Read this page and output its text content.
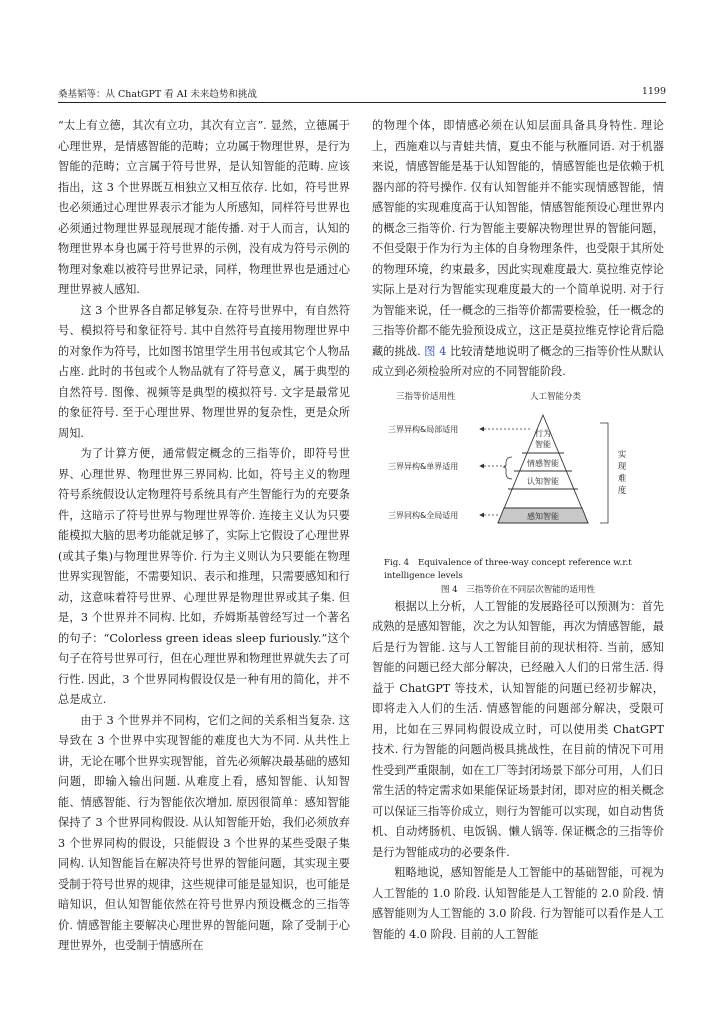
桑基韬等：从 ChatGPT 看 AI 未来趋势和挑战	1199

“太上有立德，其次有立功，其次有立言”. 显然，立德属于心理世界，是情感智能的范畴；立功属于物理世界，是行为智能的范畴；立言属于符号世界，是认知智能的范畴. 应该指出，这 3 个世界既互相独立又相互依存. 比如，符号世界也必须通过心理世界表示才能为人所感知，同样符号世界也必须通过物理世界显现展现才能传播. 对于人而言，认知的物理世界本身也属于符号世界的示例，没有成为符号示例的物理对象难以被符号世界记录，同样，物理世界也是通过心理世界被人感知.

这 3 个世界各自都足够复杂. 在符号世界中，有自然符号、模拟符号和象征符号. 其中自然符号直接用物理世界中的对象作为符号，比如图书馆里学生用书包或其它个人物品占座. 此时的书包或个人物品就有了符号意义，属于典型的自然符号. 图像、视频等是典型的模拟符号. 文字是最常见的象征符号. 至于心理世界、物理世界的复杂性，更是众所周知.

为了计算方便，通常假定概念的三指等价，即符号世界、心理世界、物理世界三界同构. 比如，符号主义的物理符号系统假设认定物理符号系统具有产生智能行为的充要条件，这暗示了符号世界与物理世界等价. 连接主义认为只要能模拟大脑的思考功能就足够了，实际上它假设了心理世界(或其子集)与物理世界等价. 行为主义则认为只要能在物理世界实现智能，不需要知识、表示和推理，只需要感知和行动，这意味着符号世界、心理世界是物理世界或其子集. 但是，3 个世界并不同构. 比如，乔姆斯基曾经写过一个著名的句子：“Colorless green ideas sleep furiously.”这个句子在符号世界可行，但在心理世界和物理世界就失去了可行性. 因此，3 个世界同构假设仅是一种有用的简化，并不总是成立.

由于 3 个世界并不同构，它们之间的关系相当复杂. 这导致在 3 个世界中实现智能的难度也大为不同. 从共性上讲，无论在哪个世界实现智能，首先必须解决最基础的感知问题，即输入输出问题. 从难度上看，感知智能、认知智能、情感智能、行为智能依次增加. 原因很简单：感知智能保持了 3 个世界同构假设. 从认知智能开始，我们必须放弃 3 个世界同构的假设，只能假设 3 个世界的某些受限子集同构. 认知智能旨在解决符号世界的智能问题，其实现主要受制于符号世界的规律，这些规律可能是显知识，也可能是暗知识，但认知智能依然在符号世界内预设概念的三指等价. 情感智能主要解决心理世界的智能问题，除了受制于心理世界外，也受制于情感所在

的物理个体，即情感必须在认知层面具备具身特性. 理论上，西施难以与青蛙共情，夏虫不能与秋雁同语. 对于机器来说，情感智能是基于认知智能的，情感智能也是依赖于机器内部的符号操作. 仅有认知智能并不能实现情感智能，情感智能的实现难度高于认知智能，情感智能预设心理世界内的概念三指等价. 行为智能主要解决物理世界的智能问题，不但受限于作为行为主体的自身物理条件，也受限于其所处的物理环境，约束最多，因此实现难度最大. 莫拉维克悖论实际上是对行为智能实现难度最大的一个简单说明. 对于行为智能来说，任一概念的三指等价都需要检验，任一概念的三指等价都不能先验预设成立，这正是莫拉维克悖论背后隐藏的挑战. 图 4 比较清楚地说明了概念的三指等价性从默认成立到必须检验所对应的不同智能阶段.

三指等价适用性	人工智能分类
三界异构&局部适用
三界异构&单界适用
三界同构&全局适用
行为
智能
情感智能
认知智能
感知智能
实
现
难
度

Fig. 4 Equivalence of three-way concept reference w.r.t intelligence levels

图 4　三指等价在不同层次智能的适用性

根据以上分析，人工智能的发展路径可以预测为：首先成熟的是感知智能，次之为认知智能，再次为情感智能，最后是行为智能. 这与人工智能目前的现状相符. 当前，感知智能的问题已经大部分解决，已经融入人们的日常生活. 得益于 ChatGPT 等技术，认知智能的问题已经初步解决，即将走入人们的生活. 情感智能的问题部分解决，受限可用，比如在三界同构假设成立时，可以使用类 ChatGPT 技术. 行为智能的问题尚极具挑战性，在目前的情况下可用性受到严重限制，如在工厂等封闭场景下部分可用，人们日常生活的特定需求如果能保证场景封闭，即对应的相关概念可以保证三指等价成立，则行为智能可以实现，如自动售货机、自动烤肠机、电饭锅、懒人锅等. 保证概念的三指等价是行为智能成功的必要条件.

粗略地说，感知智能是人工智能中的基础智能，可视为人工智能的 1.0 阶段. 认知智能是人工智能的 2.0 阶段. 情感智能则为人工智能的 3.0 阶段. 行为智能可以看作是人工智能的 4.0 阶段. 目前的人工智能
